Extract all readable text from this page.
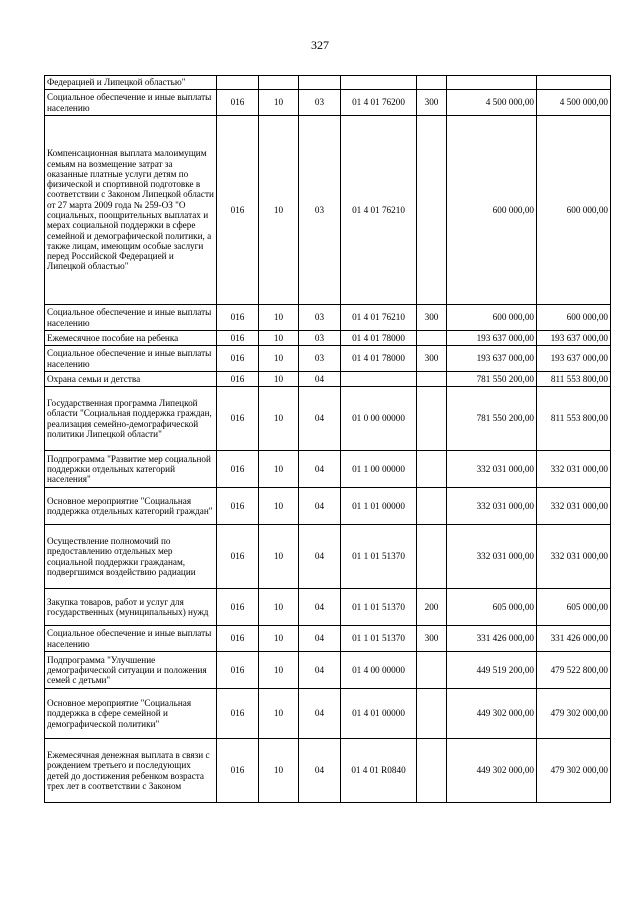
327
Федерацией и Липецкой областью"							
Социальное обеспечение и иные выплаты населению	016	10	03	01 4 01 76200	300	4 500 000,00	4 500 000,00
Компенсационная выплата малоимущим семьям на возмещение затрат за оказанные платные услуги детям по физической и спортивной подготовке в соответствии с Законом Липецкой области от 27 марта 2009 года № 259-ОЗ "О социальных, поощрительных выплатах и мерах социальной поддержки в сфере семейной и демографической политики, а также лицам, имеющим особые заслуги перед Российской Федерацией и Липецкой областью"	016	10	03	01 4 01 76210		600 000,00	600 000,00
Социальное обеспечение и иные выплаты населению	016	10	03	01 4 01 76210	300	600 000,00	600 000,00
Ежемесячное пособие на ребенка	016	10	03	01 4 01 78000		193 637 000,00	193 637 000,00
Социальное обеспечение и иные выплаты населению	016	10	03	01 4 01 78000	300	193 637 000,00	193 637 000,00
Охрана семьи и детства	016	10	04			781 550 200,00	811 553 800,00
Государственная программа Липецкой области "Социальная поддержка граждан, реализация семейно-демографической политики Липецкой области"	016	10	04	01 0 00 00000		781 550 200,00	811 553 800,00
Подпрограмма "Развитие мер социальной поддержки отдельных категорий населения"	016	10	04	01 1 00 00000		332 031 000,00	332 031 000,00
Основное мероприятие "Социальная поддержка отдельных категорий граждан"	016	10	04	01 1 01 00000		332 031 000,00	332 031 000,00
Осуществление полномочий по предоставлению отдельных мер социальной поддержки гражданам, подвергшимся воздействию радиации	016	10	04	01 1 01 51370		332 031 000,00	332 031 000,00
Закупка товаров, работ и услуг для государственных (муниципальных) нужд	016	10	04	01 1 01 51370	200	605 000,00	605 000,00
Социальное обеспечение и иные выплаты населению	016	10	04	01 1 01 51370	300	331 426 000,00	331 426 000,00
Подпрограмма "Улучшение демографической ситуации и положения семей с детьми"	016	10	04	01 4 00 00000		449 519 200,00	479 522 800,00
Основное мероприятие "Социальная поддержка в сфере семейной и демографической политики"	016	10	04	01 4 01 00000		449 302 000,00	479 302 000,00
Ежемесячная денежная выплата в связи с рождением третьего и последующих детей до достижения ребенком возраста трех лет в соответствии с Законом	016	10	04	01 4 01 R0840		449 302 000,00	479 302 000,00
